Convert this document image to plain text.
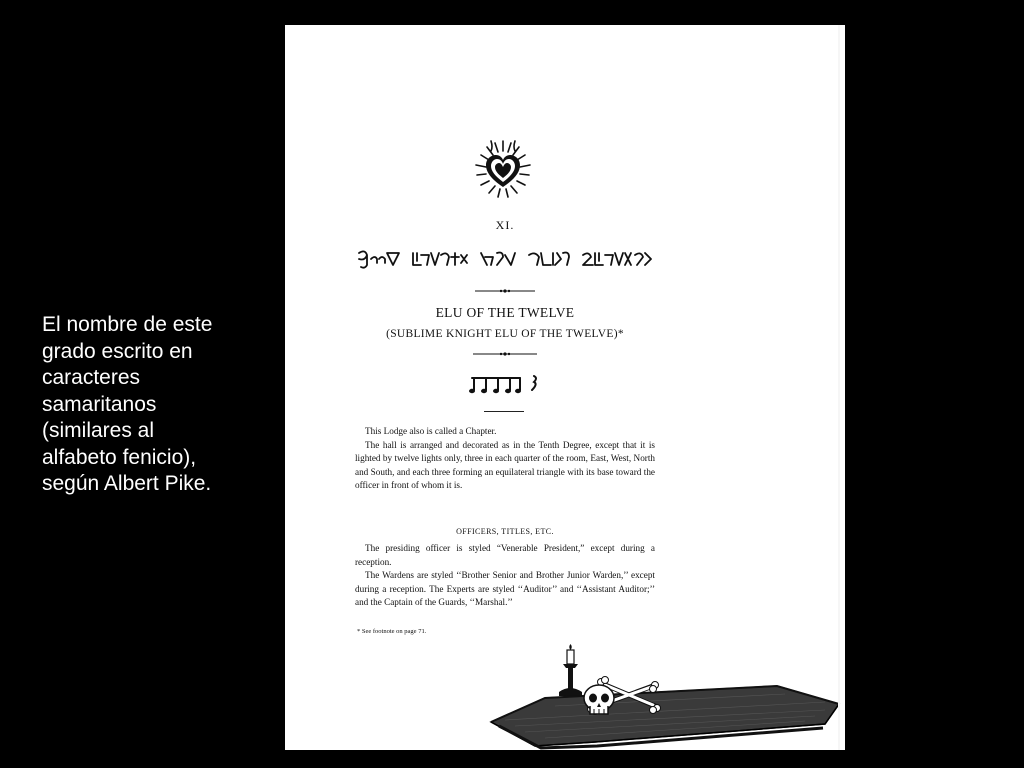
El nombre de este
grado escrito en
caracteres
samaritanos
(similares al
alfabeto fenicio),
según Albert Pike.
XI.
ELU OF THE TWELVE
(SUBLIME KNIGHT ELU OF THE TWELVE)*

This Lodge also is called a Chapter.

The hall is arranged and decorated as in the Tenth Degree, except that it is lighted by twelve lights only, three in each quarter of the room, East, West, North and South, and each three forming an equilateral triangle with its base toward the officer in front of whom it is.

OFFICERS, TITLES, ETC.

The presiding officer is styled “Venerable President,” except during a reception.

The Wardens are styled ‘‘Brother Senior and Brother Junior Warden,’’ except during a reception. The Experts are styled ‘‘Auditor’’ and ‘‘Assistant Auditor;’’ and the Captain of the Guards, ‘‘Marshal.’’

* See footnote on page 71.
